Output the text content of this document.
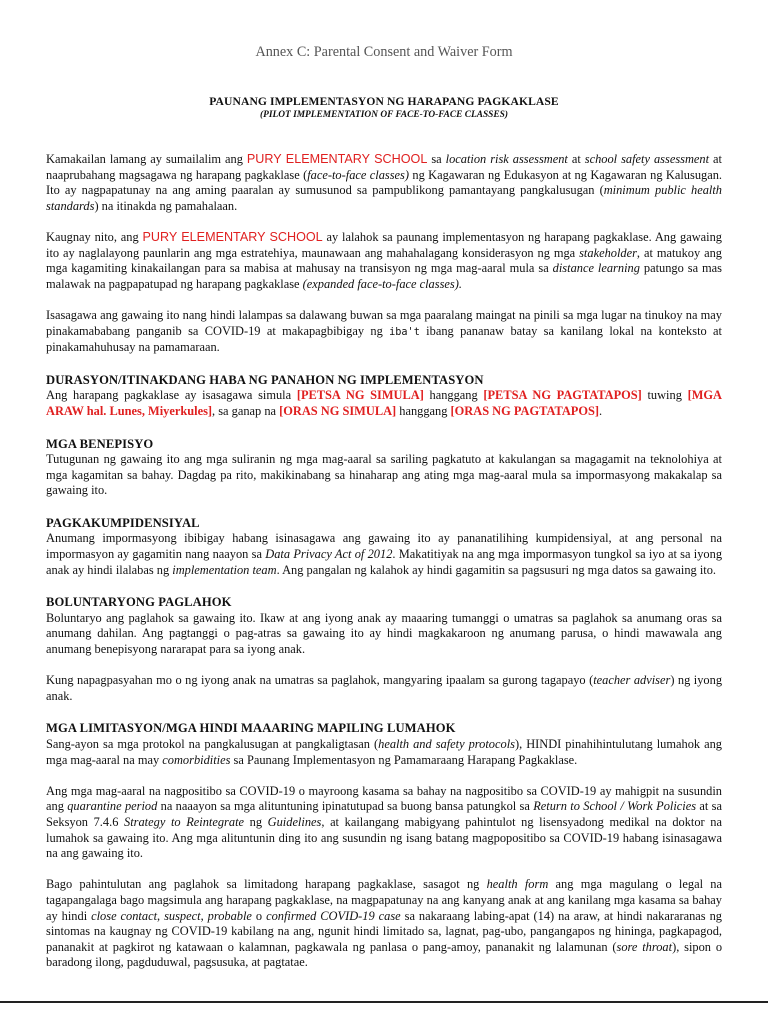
Annex C: Parental Consent and Waiver Form
PAUNANG IMPLEMENTASYON NG HARAPANG PAGKAKLASE
(PILOT IMPLEMENTATION OF FACE-TO-FACE CLASSES)

Kamakailan lamang ay sumailalim ang PURY ELEMENTARY SCHOOL sa location risk assessment at school safety assessment at naaprubahang magsagawa ng harapang pagkaklase (face-to-face classes) ng Kagawaran ng Edukasyon at ng Kagawaran ng Kalusugan. Ito ay nagpapatunay na ang aming paaralan ay sumusunod sa pampublikong pamantayang pangkalusugan (minimum public health standards) na itinakda ng pamahalaan.

Kaugnay nito, ang PURY ELEMENTARY SCHOOL ay lalahok sa paunang implementasyon ng harapang pagkaklase. Ang gawaing ito ay naglalayong paunlarin ang mga estratehiya, maunawaan ang mahahalagang konsiderasyon ng mga stakeholder, at matukoy ang mga kagamiting kinakailangan para sa mabisa at mahusay na transisyon ng mga mag-aaral mula sa distance learning patungo sa mas malawak na pagpapatupad ng harapang pagkaklase (expanded face-to-face classes).

Isasagawa ang gawaing ito nang hindi lalampas sa dalawang buwan sa mga paaralang maingat na pinili sa mga lugar na tinukoy na may pinakamababang panganib sa COVID-19 at makapagbibigay ng iba't ibang pananaw batay sa kanilang lokal na konteksto at pinakamahuhusay na pamamaraan.

DURASYON/ITINAKDANG HABA NG PANAHON NG IMPLEMENTASYON

Ang harapang pagkaklase ay isasagawa simula [PETSA NG SIMULA] hanggang [PETSA NG PAGTATAPOS] tuwing [MGA ARAW hal. Lunes, Miyerkules], sa ganap na [ORAS NG SIMULA] hanggang [ORAS NG PAGTATAPOS].

MGA BENEPISYO

Tutugunan ng gawaing ito ang mga suliranin ng mga mag-aaral sa sariling pagkatuto at kakulangan sa magagamit na teknolohiya at mga kagamitan sa bahay. Dagdag pa rito, makikinabang sa hinaharap ang ating mga mag-aaral mula sa impormasyong makakalap sa gawaing ito.

PAGKAKUMPIDENSIYAL

Anumang impormasyong ibibigay habang isinasagawa ang gawaing ito ay pananatilihing kumpidensiyal, at ang personal na impormasyon ay gagamitin nang naayon sa Data Privacy Act of 2012. Makatitiyak na ang mga impormasyon tungkol sa iyo at sa iyong anak ay hindi ilalabas ng implementation team. Ang pangalan ng kalahok ay hindi gagamitin sa pagsusuri ng mga datos sa gawaing ito.

BOLUNTARYONG PAGLAHOK

Boluntaryo ang paglahok sa gawaing ito. Ikaw at ang iyong anak ay maaaring tumanggi o umatras sa paglahok sa anumang oras sa anumang dahilan. Ang pagtanggi o pag-atras sa gawaing ito ay hindi magkakaroon ng anumang parusa, o hindi mawawala ang anumang benepisyong nararapat para sa iyong anak.

Kung napagpasyahan mo o ng iyong anak na umatras sa paglahok, mangyaring ipaalam sa gurong tagapayo (teacher adviser) ng iyong anak.

MGA LIMITASYON/MGA HINDI MAAARING MAPILING LUMAHOK

Sang-ayon sa mga protokol na pangkalusugan at pangkaligtasan (health and safety protocols), HINDI pinahihintulutang lumahok ang mga mag-aaral na may comorbidities sa Paunang Implementasyon ng Pamamaraang Harapang Pagkaklase.

Ang mga mag-aaral na nagpositibo sa COVID-19 o mayroong kasama sa bahay na nagpositibo sa COVID-19 ay mahigpit na susundin ang quarantine period na naaayon sa mga alituntuning ipinatutupad sa buong bansa patungkol sa Return to School / Work Policies at sa Seksyon 7.4.6 Strategy to Reintegrate ng Guidelines, at kailangang mabigyang pahintulot ng lisensyadong medikal na doktor na lumahok sa gawaing ito. Ang mga alituntunin ding ito ang susundin ng isang batang magpopositibo sa COVID-19 habang isinasagawa na ang gawaing ito.

Bago pahintulutan ang paglahok sa limitadong harapang pagkaklase, sasagot ng health form ang mga magulang o legal na tagapangalaga bago magsimula ang harapang pagkaklase, na magpapatunay na ang kanyang anak at ang kanilang mga kasama sa bahay ay hindi close contact, suspect, probable o confirmed COVID-19 case sa nakaraang labing-apat (14) na araw, at hindi nakararanas ng sintomas na kaugnay ng COVID-19 kabilang na ang, ngunit hindi limitado sa, lagnat, pag-ubo, pangangapos ng hininga, pagkapagod, pananakit at pagkirot ng katawaan o kalamnan, pagkawala ng panlasa o pang-amoy, pananakit ng lalamunan (sore throat), sipon o baradong ilong, pagduduwal, pagsusuka, at pagtatae.
